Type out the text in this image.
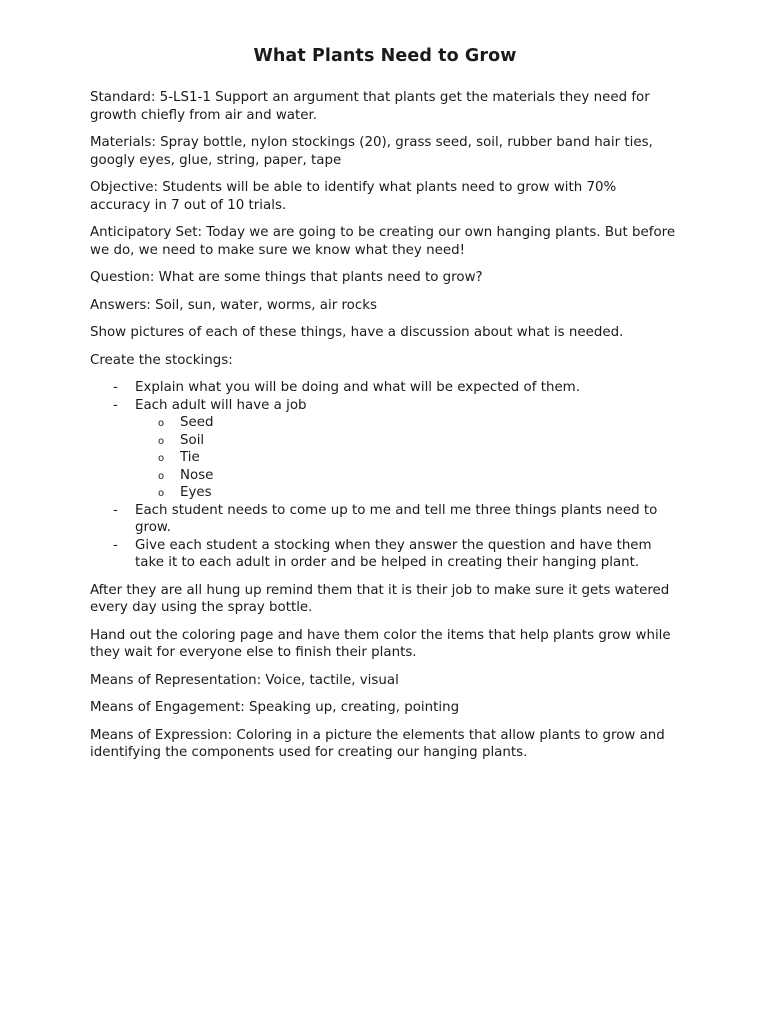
What Plants Need to Grow

Standard: 5-LS1-1 Support an argument that plants get the materials they need for growth chiefly from air and water.

Materials: Spray bottle, nylon stockings (20), grass seed, soil, rubber band hair ties, googly eyes, glue, string, paper, tape

Objective: Students will be able to identify what plants need to grow with 70% accuracy in 7 out of 10 trials.

Anticipatory Set: Today we are going to be creating our own hanging plants. But before we do, we need to make sure we know what they need!

Question: What are some things that plants need to grow?

Answers: Soil, sun, water, worms, air rocks

Show pictures of each of these things, have a discussion about what is needed.

Create the stockings:

- Explain what you will be doing and what will be expected of them.
- Each adult will have a job
o Seed
o Soil
o Tie
o Nose
o Eyes
- Each student needs to come up to me and tell me three things plants need to grow.
- Give each student a stocking when they answer the question and have them take it to each adult in order and be helped in creating their hanging plant.

After they are all hung up remind them that it is their job to make sure it gets watered every day using the spray bottle.

Hand out the coloring page and have them color the items that help plants grow while they wait for everyone else to finish their plants.

Means of Representation: Voice, tactile, visual

Means of Engagement: Speaking up, creating, pointing

Means of Expression: Coloring in a picture the elements that allow plants to grow and identifying the components used for creating our hanging plants.
